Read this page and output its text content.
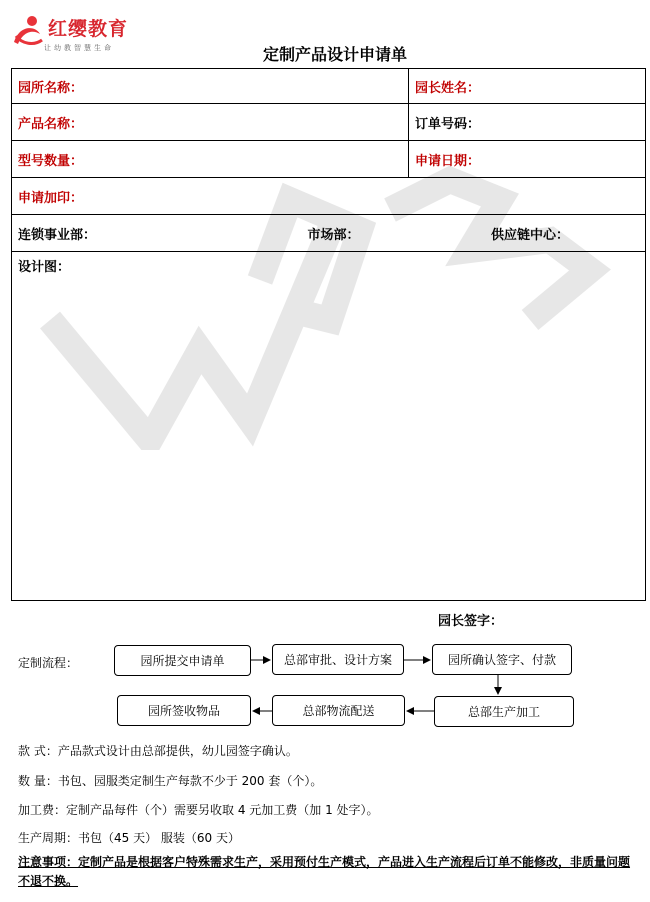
红缨教育
让幼教智慧生命	定制产品设计申请单
园所名称：	园长姓名：
产品名称：	订单号码：
型号数量：	申请日期：
申请加印：	

连锁事业部： 市场部： 供应链中心：	

设计图：	
园长签字：
定制流程：	园所提交申请单	总部审批、设计方案	园所确认签字、付款
总部生产加工
总部物流配送
园所签收物品
款 式：产品款式设计由总部提供，幼儿园签字确认。
数 量：书包、园服类定制生产每款不少于 200 套（个）。
加工费：定制产品每件（个）需要另收取 4 元加工费（加 1 处字）。
生产周期：书包（45 天） 服装（60 天）
注意事项：定制产品是根据客户特殊需求生产，采用预付生产模式，产品进入生产流程后订单不能修改，非质量问题不退不换。
